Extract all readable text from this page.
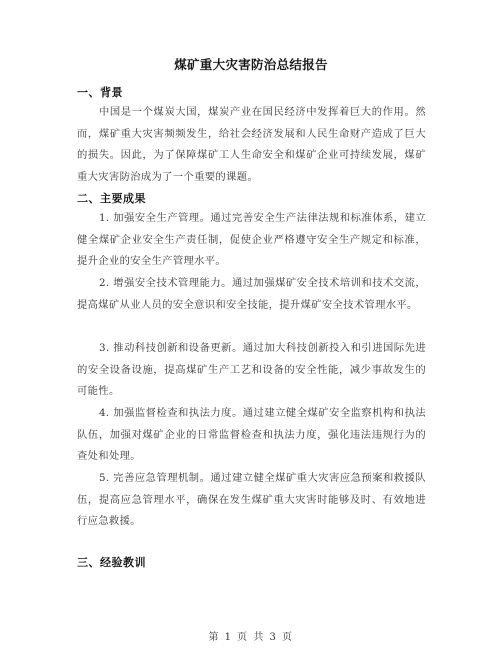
煤矿重大灾害防治总结报告
一、背景
中国是一个煤炭大国，煤炭产业在国民经济中发挥着巨大的作用。然而，煤矿重大灾害频频发生，给社会经济发展和人民生命财产造成了巨大的损失。因此，为了保障煤矿工人生命安全和煤矿企业可持续发展，煤矿重大灾害防治成为了一个重要的课题。
二、主要成果
1. 加强安全生产管理。通过完善安全生产法律法规和标准体系，建立健全煤矿企业安全生产责任制，促使企业严格遵守安全生产规定和标准，提升企业的安全生产管理水平。
2. 增强安全技术管理能力。通过加强煤矿安全技术培训和技术交流，提高煤矿从业人员的安全意识和安全技能，提升煤矿安全技术管理水平。
3. 推动科技创新和设备更新。通过加大科技创新投入和引进国际先进的安全设备设施，提高煤矿生产工艺和设备的安全性能，减少事故发生的可能性。
4. 加强监督检查和执法力度。通过建立健全煤矿安全监察机构和执法队伍，加强对煤矿企业的日常监督检查和执法力度，强化违法违规行为的查处和处理。
5. 完善应急管理机制。通过建立健全煤矿重大灾害应急预案和救援队伍，提高应急管理水平，确保在发生煤矿重大灾害时能够及时、有效地进行应急救援。
三、经验教训
第 1 页 共 3 页
